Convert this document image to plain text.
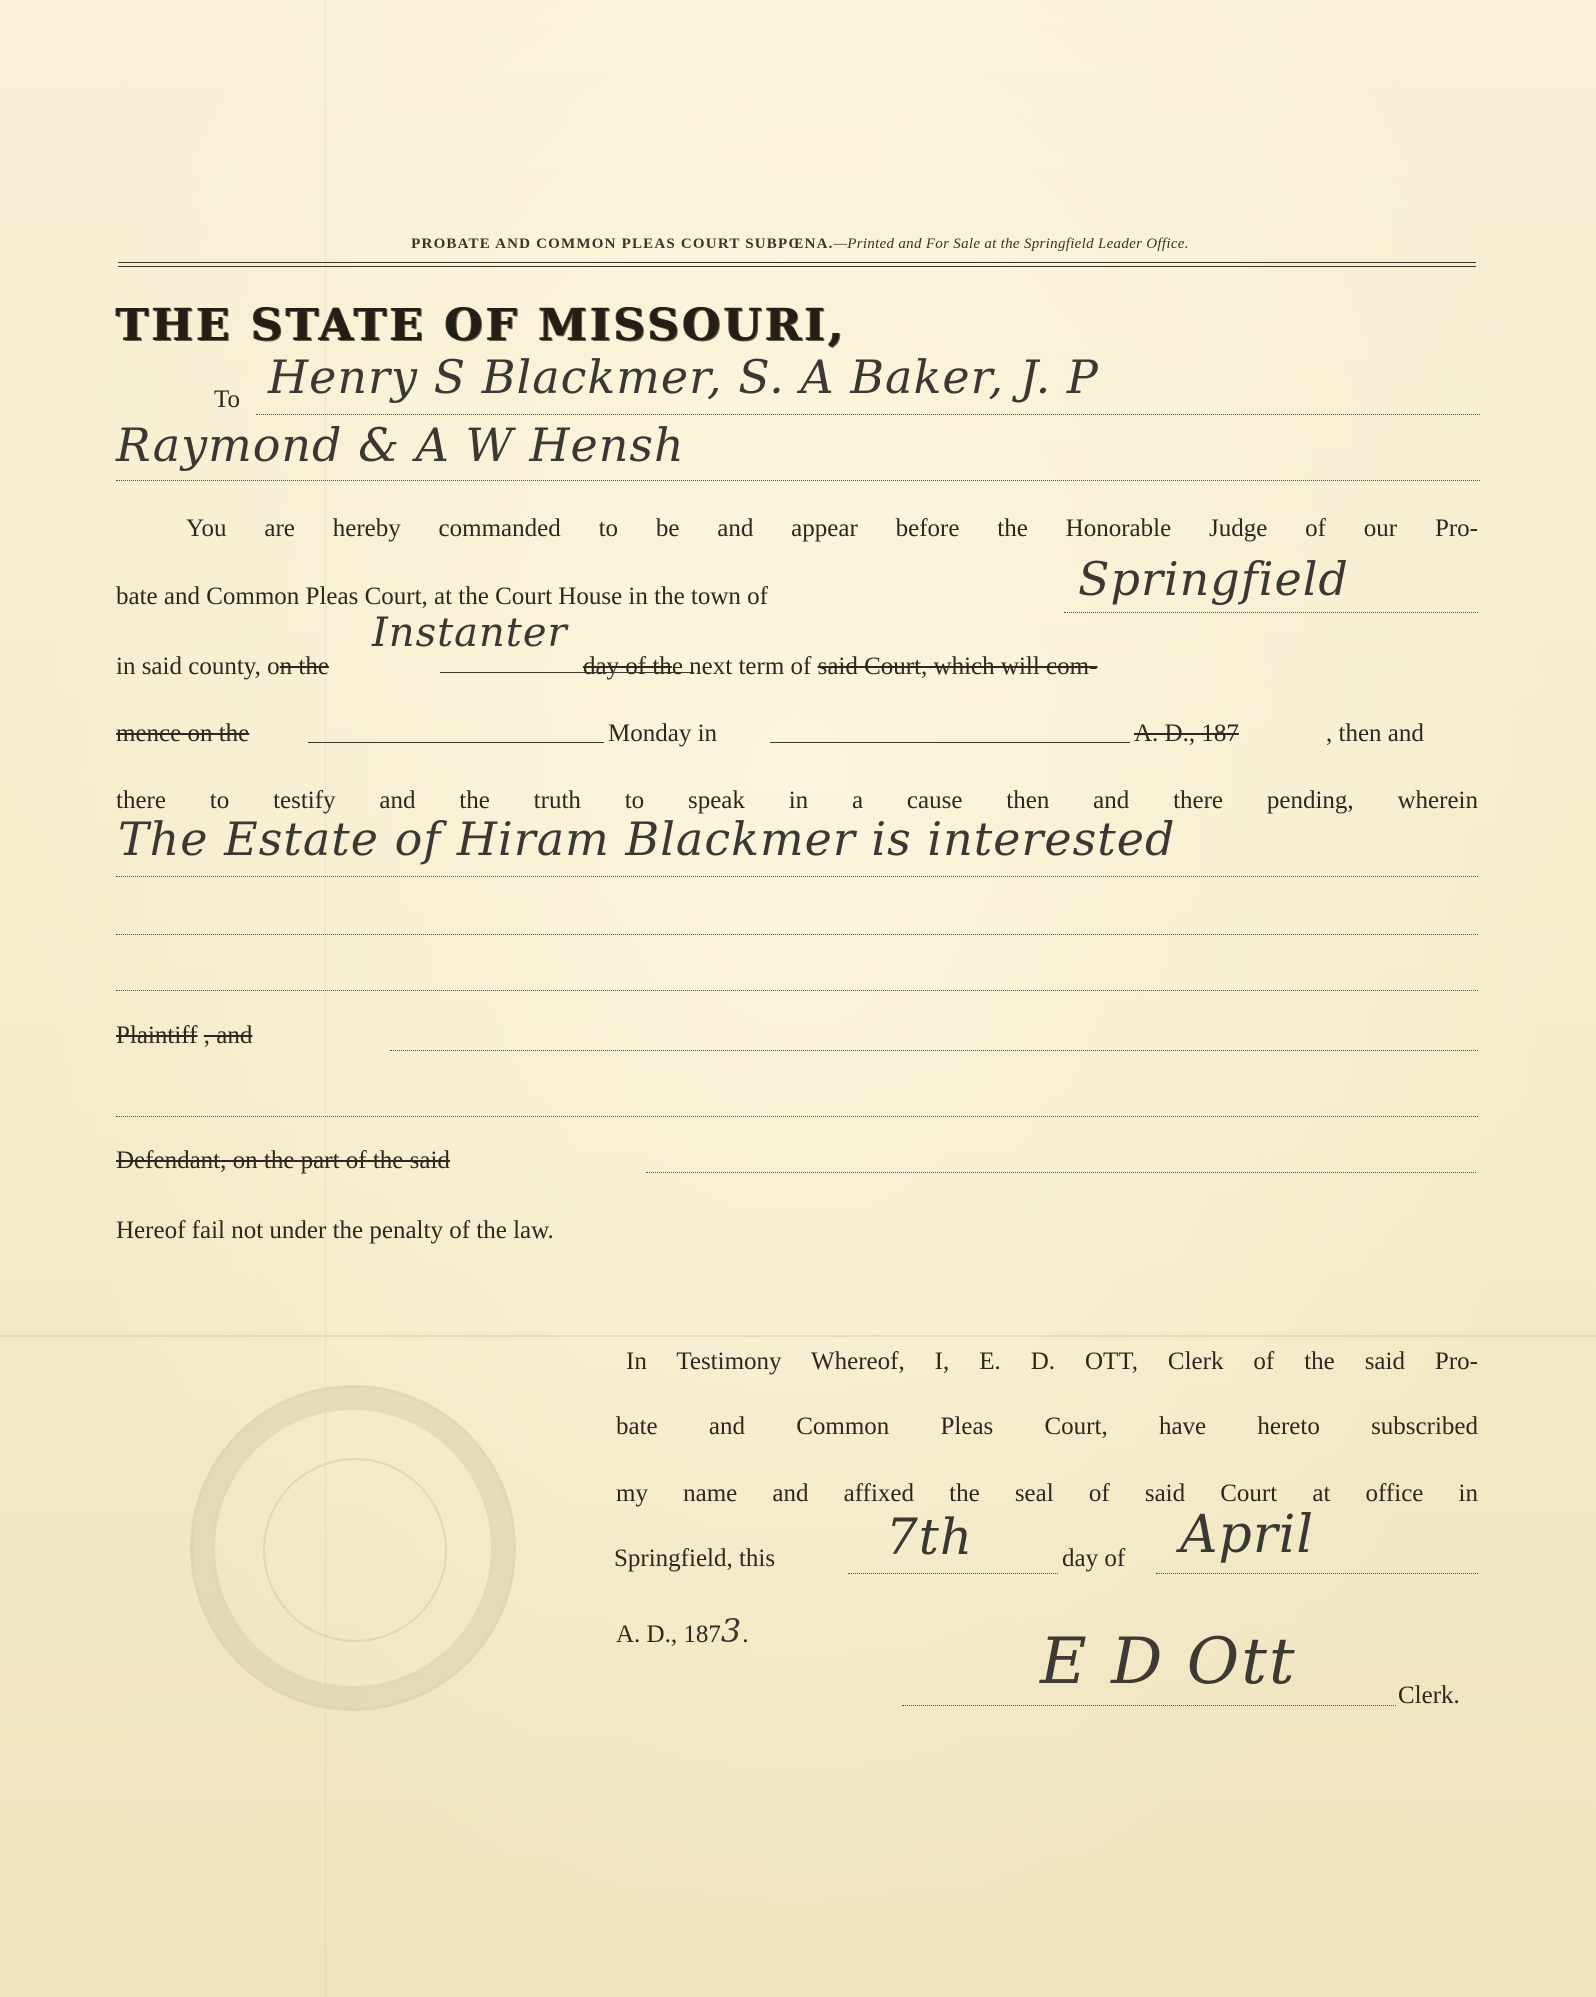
PROBATE AND COMMON PLEAS COURT SUBPŒNA.—Printed and For Sale at the Springfield Leader Office.
THE STATE OF MISSOURI,
To Henry S Blackmer, S. A Baker, J. P
Raymond & A W Hensh
You are hereby commanded to be and appear before the Honorable Judge of our Pro-
bate and Common Pleas Court, at the Court House in the town of	Springfield
in said county, on the	day of the next term of said Court, which will com-
Instanter
mence on the	Monday in	A. D., 187	, then and
there to testify and the truth to speak in a cause then and there pending, wherein
The Estate of Hiram Blackmer is interested
Plaintiff , and
Defendant, on the part of the said
Hereof fail not under the penalty of the law.
In Testimony Whereof, I, E. D. OTT, Clerk of the said Pro-
bate and Common Pleas Court, have hereto subscribed
my name and affixed the seal of said Court at office in
Springfield, this 7th	day of April
A. D., 1873.	E D Ott	Clerk.
